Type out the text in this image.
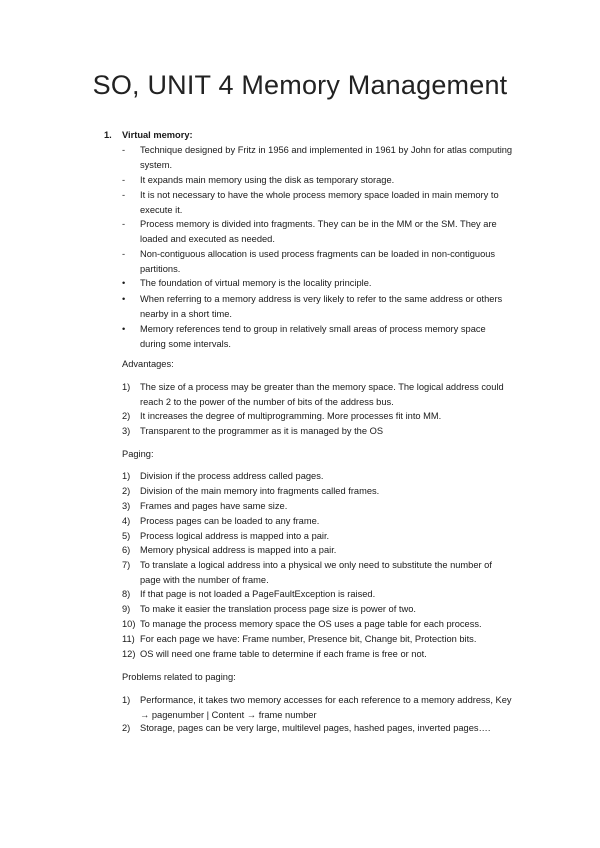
SO, UNIT 4 Memory Management
1. Virtual memory:
-	Technique designed by Fritz in 1956 and implemented in 1961 by John for atlas computing system.
-	It expands main memory using the disk as temporary storage.
-	It is not necessary to have the whole process memory space loaded in main memory to execute it.
-	Process memory is divided into fragments. They can be in the MM or the SM. They are loaded and executed as needed.
-	Non-contiguous allocation is used process fragments can be loaded in non-contiguous partitions.
•	The foundation of virtual memory is the locality principle.
•	When referring to a memory address is very likely to refer to the same address or others nearby in a short time.
•	Memory references tend to group in relatively small areas of process memory space during some intervals.
Advantages:
1)	The size of a process may be greater than the memory space. The logical address could reach 2 to the power of the number of bits of the address bus.
2)	It increases the degree of multiprogramming. More processes fit into MM.
3)	Transparent to the programmer as it is managed by the OS
Paging:
1)	Division if the process address called pages.
2)	Division of the main memory into fragments called frames.
3)	Frames and pages have same size.
4)	Process pages can be loaded to any frame.
5)	Process logical address is mapped into a pair.
6)	Memory physical address is mapped into a pair.
7)	To translate a logical address into a physical we only need to substitute the number of page with the number of frame.
8)	If that page is not loaded a PageFaultException is raised.
9)	To make it easier the translation process page size is power of two.
10) To manage the process memory space the OS uses a page table for each process.
11) For each page we have: Frame number, Presence bit, Change bit, Protection bits.
12) OS will need one frame table to determine if each frame is free or not.
Problems related to paging:
1)	Performance, it takes two memory accesses for each reference to a memory address, Key → pagenumber | Content → frame number
2)	Storage, pages can be very large, multilevel pages, hashed pages, inverted pages….
